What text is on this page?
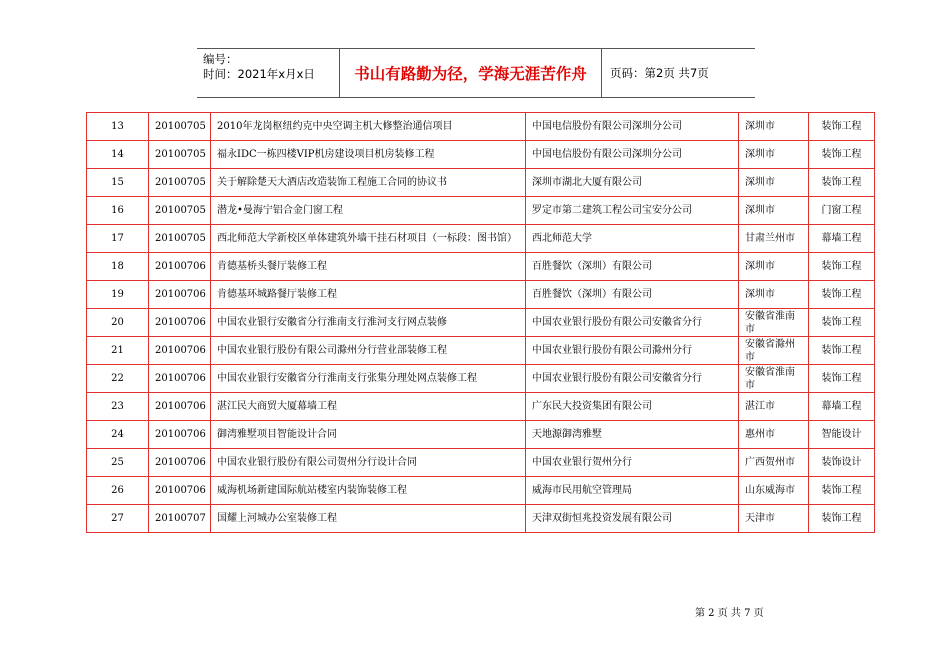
编号：
时间：2021年x月x日	书山有路勤为径，学海无涯苦作舟	页码：第2页 共7页
13	20100705	2010年龙岗枢纽约克中央空调主机大修整治通信项目	中国电信股份有限公司深圳分公司	深圳市	装饰工程
14	20100705	福永IDC一栋四楼VIP机房建设项目机房装修工程	中国电信股份有限公司深圳分公司	深圳市	装饰工程
15	20100705	关于解除楚天大酒店改造装饰工程施工合同的协议书	深圳市湖北大厦有限公司	深圳市	装饰工程
16	20100705	潜龙•曼海宁铝合金门窗工程	罗定市第二建筑工程公司宝安分公司	深圳市	门窗工程
17	20100705	西北师范大学新校区单体建筑外墙干挂石材项目（一标段：图书馆）	西北师范大学	甘肃兰州市	幕墙工程
18	20100706	肯德基桥头餐厅装修工程	百胜餐饮（深圳）有限公司	深圳市	装饰工程
19	20100706	肯德基环城路餐厅装修工程	百胜餐饮（深圳）有限公司	深圳市	装饰工程
20	20100706	中国农业银行安徽省分行淮南支行淮河支行网点装修	中国农业银行股份有限公司安徽省分行	安徽省淮南市	装饰工程
21	20100706	中国农业银行股份有限公司滁州分行营业部装修工程	中国农业银行股份有限公司滁州分行	安徽省滁州市	装饰工程
22	20100706	中国农业银行安徽省分行淮南支行张集分理处网点装修工程	中国农业银行股份有限公司安徽省分行	安徽省淮南市	装饰工程
23	20100706	湛江民大商贸大厦幕墙工程	广东民大投资集团有限公司	湛江市	幕墙工程
24	20100706	御湾雅墅项目智能设计合同	天地源御湾雅墅	惠州市	智能设计
25	20100706	中国农业银行股份有限公司贺州分行设计合同	中国农业银行贺州分行	广西贺州市	装饰设计
26	20100706	威海机场新建国际航站楼室内装饰装修工程	威海市民用航空管理局	山东威海市	装饰工程
27	20100707	国耀上河城办公室装修工程	天津双街恒兆投资发展有限公司	天津市	装饰工程
第 2 页 共 7 页
